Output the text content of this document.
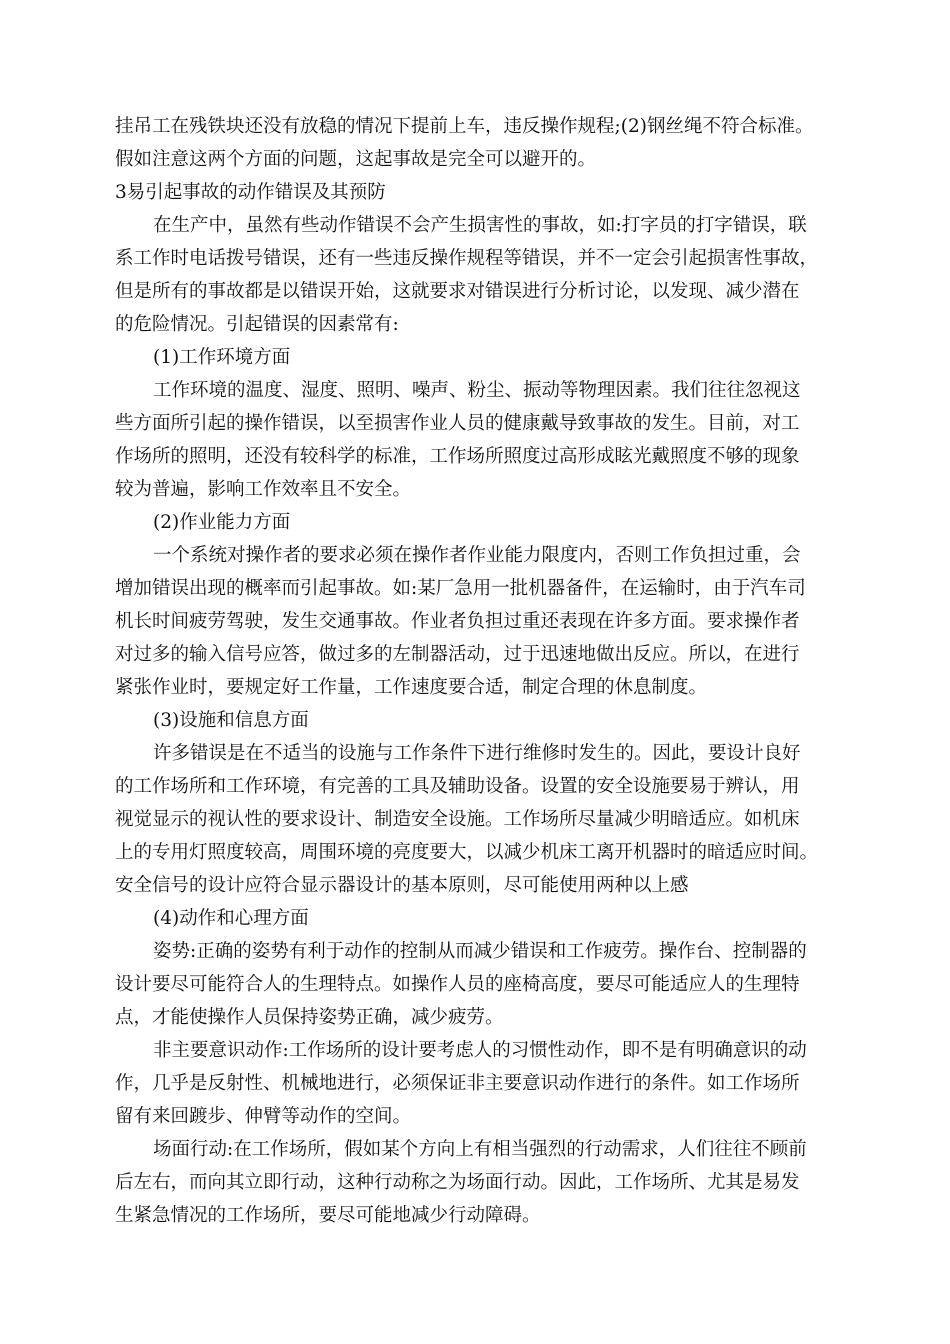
挂吊工在残铁块还没有放稳的情况下提前上车，违反操作规程;(2)钢丝绳不符合标准。
假如注意这两个方面的问题，这起事故是完全可以避开的。
3易引起事故的动作错误及其预防
在生产中，虽然有些动作错误不会产生损害性的事故，如:打字员的打字错误，联
系工作时电话拨号错误，还有一些违反操作规程等错误，并不一定会引起损害性事故，
但是所有的事故都是以错误开始，这就要求对错误进行分析讨论，以发现、减少潜在
的危险情况。引起错误的因素常有:
(1)工作环境方面
工作环境的温度、湿度、照明、噪声、粉尘、振动等物理因素。我们往往忽视这
些方面所引起的操作错误，以至损害作业人员的健康戴导致事故的发生。目前，对工
作场所的照明，还没有较科学的标准，工作场所照度过高形成眩光戴照度不够的现象
较为普遍，影响工作效率且不安全。
(2)作业能力方面
一个系统对操作者的要求必须在操作者作业能力限度内，否则工作负担过重，会
增加错误出现的概率而引起事故。如:某厂急用一批机器备件，在运输时，由于汽车司
机长时间疲劳驾驶，发生交通事故。作业者负担过重还表现在许多方面。要求操作者
对过多的输入信号应答，做过多的左制器活动，过于迅速地做出反应。所以，在进行
紧张作业时，要规定好工作量，工作速度要合适，制定合理的休息制度。
(3)设施和信息方面
许多错误是在不适当的设施与工作条件下进行维修时发生的。因此，要设计良好
的工作场所和工作环境，有完善的工具及辅助设备。设置的安全设施要易于辨认，用
视觉显示的视认性的要求设计、制造安全设施。工作场所尽量减少明暗适应。如机床
上的专用灯照度较高，周围环境的亮度要大，以减少机床工离开机器时的暗适应时间。
安全信号的设计应符合显示器设计的基本原则，尽可能使用两种以上感
(4)动作和心理方面
姿势:正确的姿势有利于动作的控制从而减少错误和工作疲劳。操作台、控制器的
设计要尽可能符合人的生理特点。如操作人员的座椅高度，要尽可能适应人的生理特
点，才能使操作人员保持姿势正确，减少疲劳。
非主要意识动作:工作场所的设计要考虑人的习惯性动作，即不是有明确意识的动
作，几乎是反射性、机械地进行，必须保证非主要意识动作进行的条件。如工作场所
留有来回踱步、伸臂等动作的空间。
场面行动:在工作场所，假如某个方向上有相当强烈的行动需求，人们往往不顾前
后左右，而向其立即行动，这种行动称之为场面行动。因此，工作场所、尤其是易发
生紧急情况的工作场所，要尽可能地减少行动障碍。
